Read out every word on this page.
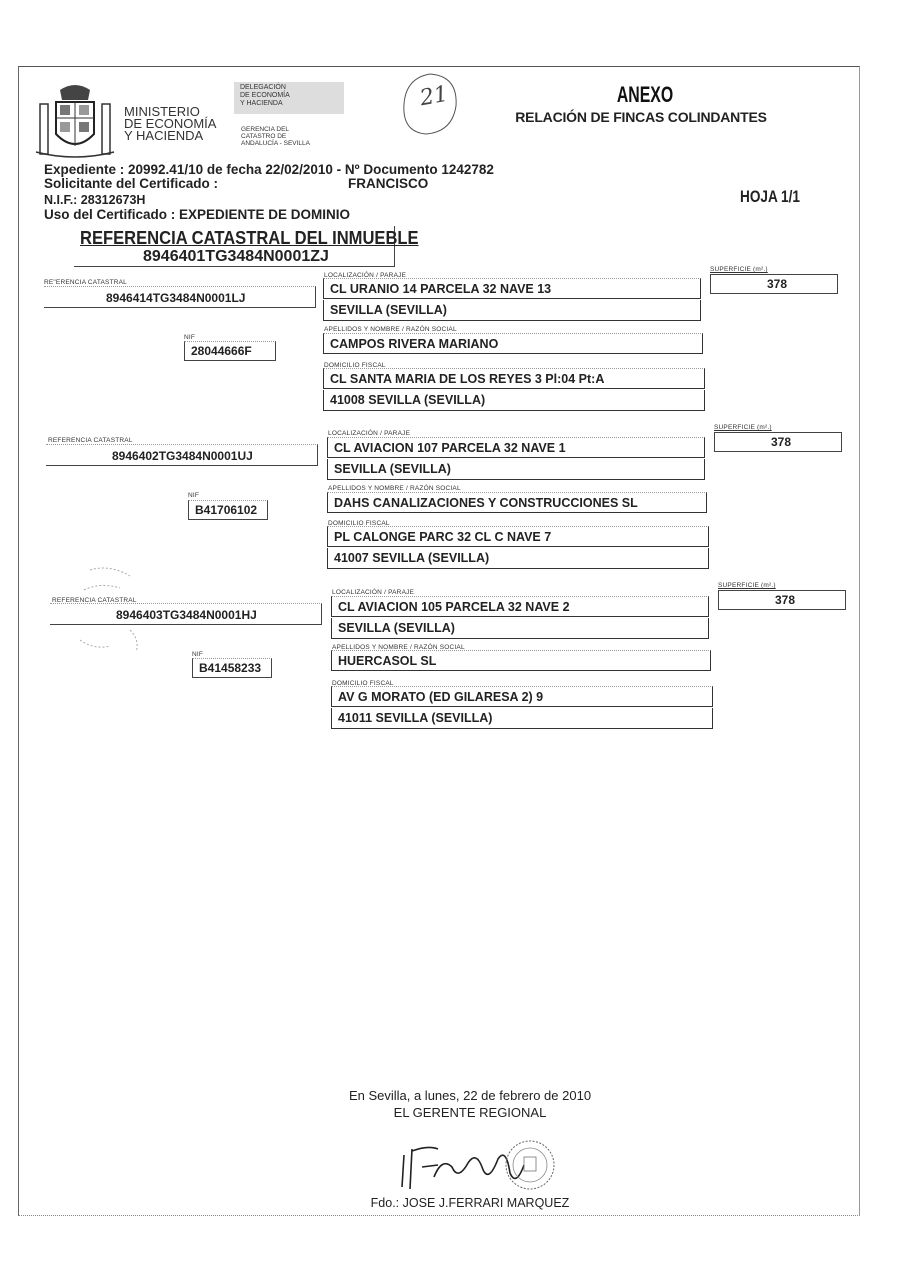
MINISTERIO
DE ECONOMÍA
Y HACIENDA
DELEGACIÓN
DE ECONOMÍA
Y HACIENDA
GERENCIA DEL
CATASTRO DE
ANDALUCÍA - SEVILLA
21	ANEXO
RELACIÓN DE FINCAS COLINDANTES
Expediente : 20992.41/10 de fecha 22/02/2010 - Nº Documento 1242782
Solicitante del Certificado :	FRANCISCO
N.I.F.: 28312673H
Uso del Certificado : EXPEDIENTE DE DOMINIO
HOJA 1/1
REFERENCIA CATASTRAL DEL INMUEBLE
8946401TG3484N0001ZJ
RE"ERENCIA CATASTRAL
8946414TG3484N0001LJ
NIF
28044666F
LOCALIZACIÓN / PARAJE
CL URANIO 14 PARCELA 32 NAVE 13
SEVILLA (SEVILLA)
APELLIDOS Y NOMBRE / RAZÓN SOCIAL
CAMPOS RIVERA MARIANO
DOMICILIO FISCAL
CL SANTA MARIA DE LOS REYES 3 Pl:04 Pt:A
41008 SEVILLA (SEVILLA)
SUPERFICIE (m².)
378
REFERENCIA CATASTRAL
8946402TG3484N0001UJ
NIF
B41706102
LOCALIZACIÓN / PARAJE
CL AVIACION 107 PARCELA 32 NAVE 1
SEVILLA (SEVILLA)
APELLIDOS Y NOMBRE / RAZÓN SOCIAL
DAHS CANALIZACIONES Y CONSTRUCCIONES SL
DOMICILIO FISCAL
PL CALONGE PARC 32 CL C NAVE 7
41007 SEVILLA (SEVILLA)
SUPERFICIE (m².)
378
REFERENCIA CATASTRAL
8946403TG3484N0001HJ
NIF
B41458233
LOCALIZACIÓN / PARAJE
CL AVIACION 105 PARCELA 32 NAVE 2
SEVILLA (SEVILLA)
APELLIDOS Y NOMBRE / RAZÓN SOCIAL
HUERCASOL SL
DOMICILIO FISCAL
AV G MORATO (ED GILARESA 2) 9
41011 SEVILLA (SEVILLA)
SUPERFICIE (m².)
378
En Sevilla, a lunes, 22 de febrero de 2010
EL GERENTE REGIONAL
Fdo.: JOSE J.FERRARI MARQUEZ
